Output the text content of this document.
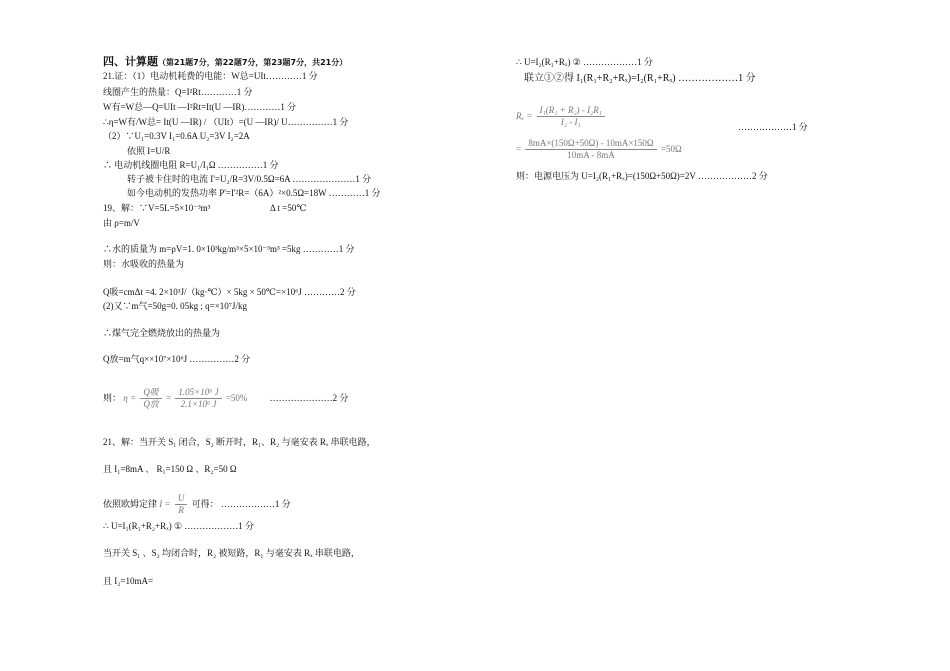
四、计算题（第21题7分，第22题7分，第23题7分，共21分）
21.证：（1）电动机耗费的电能：W总=UIt…………1 分
线圈产生的热量：Q=I²Rt…………1 分
W有=W总—Q=UIt —I²Rt=It(U —IR)…………1 分
∴η=W有/W总= It(U —IR) / （UIt）=(U —IR)/ U……………1 分
（2）∵U₁=0.3V I₁=0.6A U₂=3V I₂=2A
依照 I=U/R
∴ 电动机线圈电阻 R=U₁/I₁Ω ……………1 分
转子被卡住时的电流 I'=U₂/R=3V/0.5Ω=6A …………………1 分
如今电动机的发热功率 P'=I'²R=（6A）²×0.5Ω=18W …………1 分
19、解：∵V=5L=5×10⁻³m³	Δ t =50℃
由 ρ=m/V
∴水的质量为 m=ρV=1. 0×10³kg/m³×5×10⁻³m³ =5kg …………1 分
则：水吸收的热量为
Q吸=cmΔt =4. 2×10³J/（kg·℃）× 5kg × 50℃=×10⁶J …………2 分
(2)又∵m气=50g=0. 05kg ; q=×10⁷J/kg
∴煤气完全燃烧放出的热量为
Q放=m气q××10⁷×10⁶J ……………2 分
则： $\eta = \frac{\text{Q吸}}{\text{Q放}} = \frac{\text{1.05×10⁶ J}}{\text{2.1×10⁶ J}} =50\%$ …………………2 分
21、解：当开关 S₁ 闭合，S₂ 断开时，R₁、R₂ 与毫安表 Rₓ 串联电路，
且 I₁=8mA 、 R₁=150 Ω 、R₂=50 Ω
依照欧姆定律 $I = \frac{U}{R}$ 可得： ………………1 分
∴ U=I₁(R₁+R₂+Rₓ) ① ………………1 分
当开关 S₁ 、S₂ 均闭合时，R₂ 被短路，R₁ 与毫安表 Rₓ 串联电路，
且 I₂=10mA=
∴ U=I₂(R₁+Rₓ) ② ………………1 分
联立①②得 I₁(R₁+R₂+Rₓ)=I₂(R₁+Rₓ) ………………1 分
$R_x = \frac{\text{I₁(R₁ + R₂) - I₂R₁}}{\text{I₂ - I₁}}$	………………1 分
= $\frac{8mA\times(150\Omega+50\Omega) - 10mA\times 150\Omega}{10mA - 8mA} =50\Omega$
则：电源电压为 U=I₂(R₁+Rₓ)=(150Ω+50Ω)=2V ………………2 分
